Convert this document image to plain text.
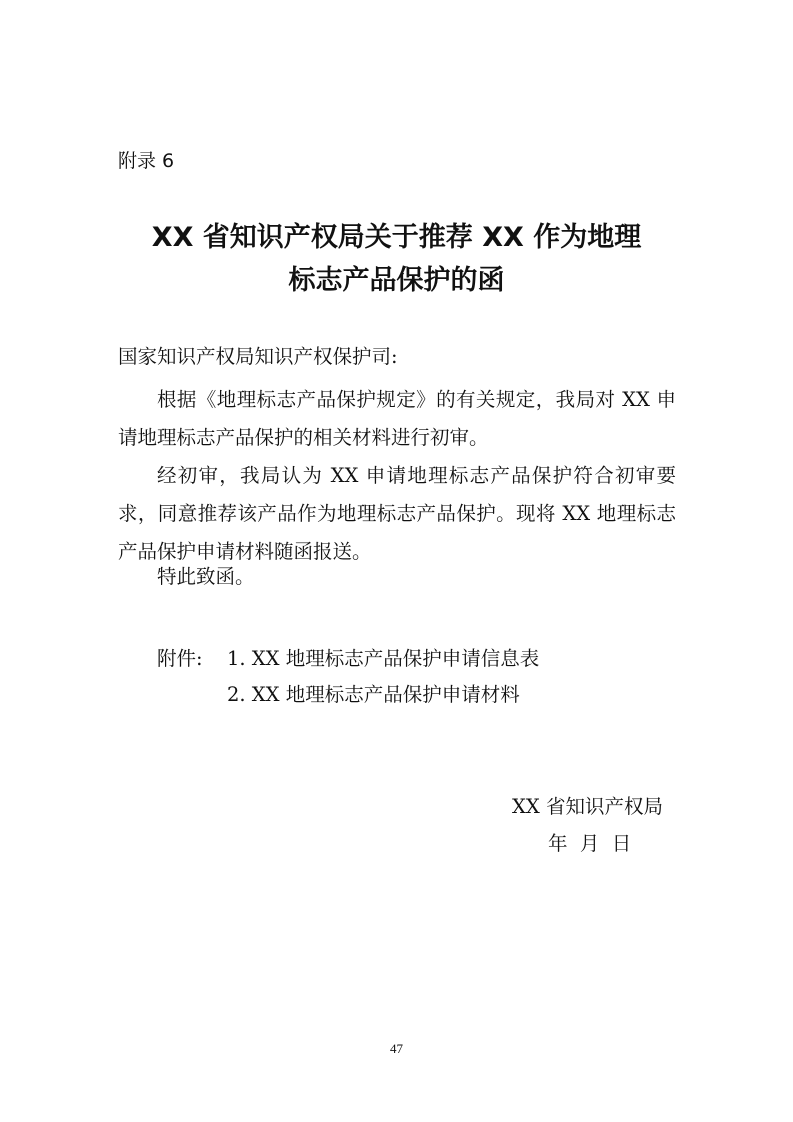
附录 6
XX 省知识产权局关于推荐 XX 作为地理
标志产品保护的函
国家知识产权局知识产权保护司:

根据《地理标志产品保护规定》的有关规定，我局对 XX 申请地理标志产品保护的相关材料进行初审。

经初审，我局认为 XX 申请地理标志产品保护符合初审要求，同意推荐该产品作为地理标志产品保护。现将 XX 地理标志产品保护申请材料随函报送。

特此致函。
附件: 1. XX 地理标志产品保护申请信息表
2. XX 地理标志产品保护申请材料
XX 省知识产权局
年  月  日
47
